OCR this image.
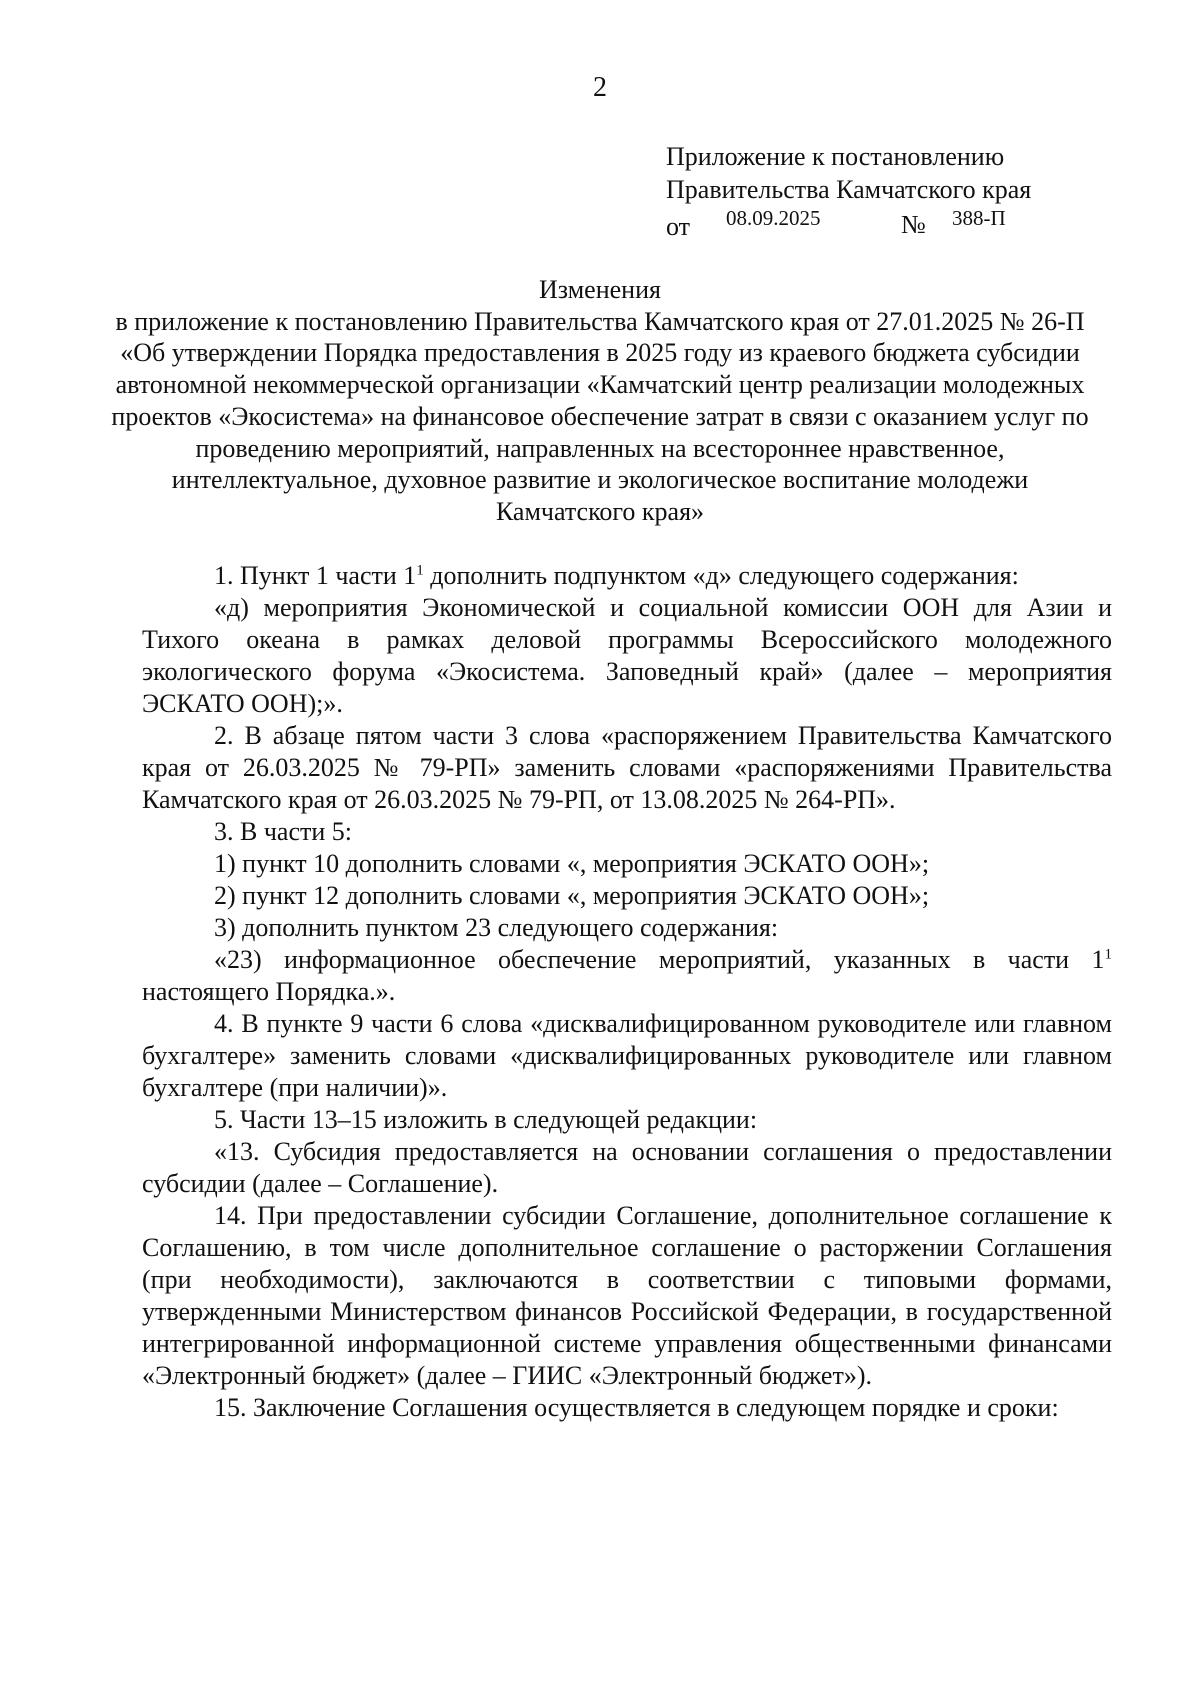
2
Приложение к постановлению
Правительства Камчатского края
от 08.09.2025	№ 388-П
Изменения
в приложение к постановлению Правительства Камчатского края от 27.01.2025 № 26-П «Об утверждении Порядка предоставления в 2025 году из краевого бюджета субсидии автономной некоммерческой организации «Камчатский центр реализации молодежных проектов «Экосистема» на финансовое обеспечение затрат в связи с оказанием услуг по проведению мероприятий, направленных на всестороннее нравственное, интеллектуальное, духовное развитие и экологическое воспитание молодежи Камчатского края»

1. Пункт 1 части $1^1$ дополнить подпунктом «д» следующего содержания:

«д) мероприятия Экономической и социальной комиссии ООН для Азии и Тихого океана в рамках деловой программы Всероссийского молодежного экологического форума «Экосистема. Заповедный край» (далее – мероприятия ЭСКАТО ООН);».

2. В абзаце пятом части 3 слова «распоряжением Правительства Камчатского края от 26.03.2025 № 79-РП» заменить словами «распоряжениями Правительства Камчатского края от 26.03.2025 № 79-РП, от 13.08.2025 № 264-РП».

3. В части 5:

1) пункт 10 дополнить словами «, мероприятия ЭСКАТО ООН»;

2) пункт 12 дополнить словами «, мероприятия ЭСКАТО ООН»;

3) дополнить пунктом 23 следующего содержания:

«23) информационное обеспечение мероприятий, указанных в части $1^1$ настоящего Порядка.».

4. В пункте 9 части 6 слова «дисквалифицированном руководителе или главном бухгалтере» заменить словами «дисквалифицированных руководителе или главном бухгалтере (при наличии)».

5. Части 13–15 изложить в следующей редакции:

«13. Субсидия предоставляется на основании соглашения о предоставлении субсидии (далее – Соглашение).

14. При предоставлении субсидии Соглашение, дополнительное соглашение к Соглашению, в том числе дополнительное соглашение о расторжении Соглашения (при необходимости), заключаются в соответствии с типовыми формами, утвержденными Министерством финансов Российской Федерации, в государственной интегрированной информационной системе управления общественными финансами «Электронный бюджет» (далее – ГИИС «Электронный бюджет»).

15. Заключение Соглашения осуществляется в следующем порядке и сроки:
